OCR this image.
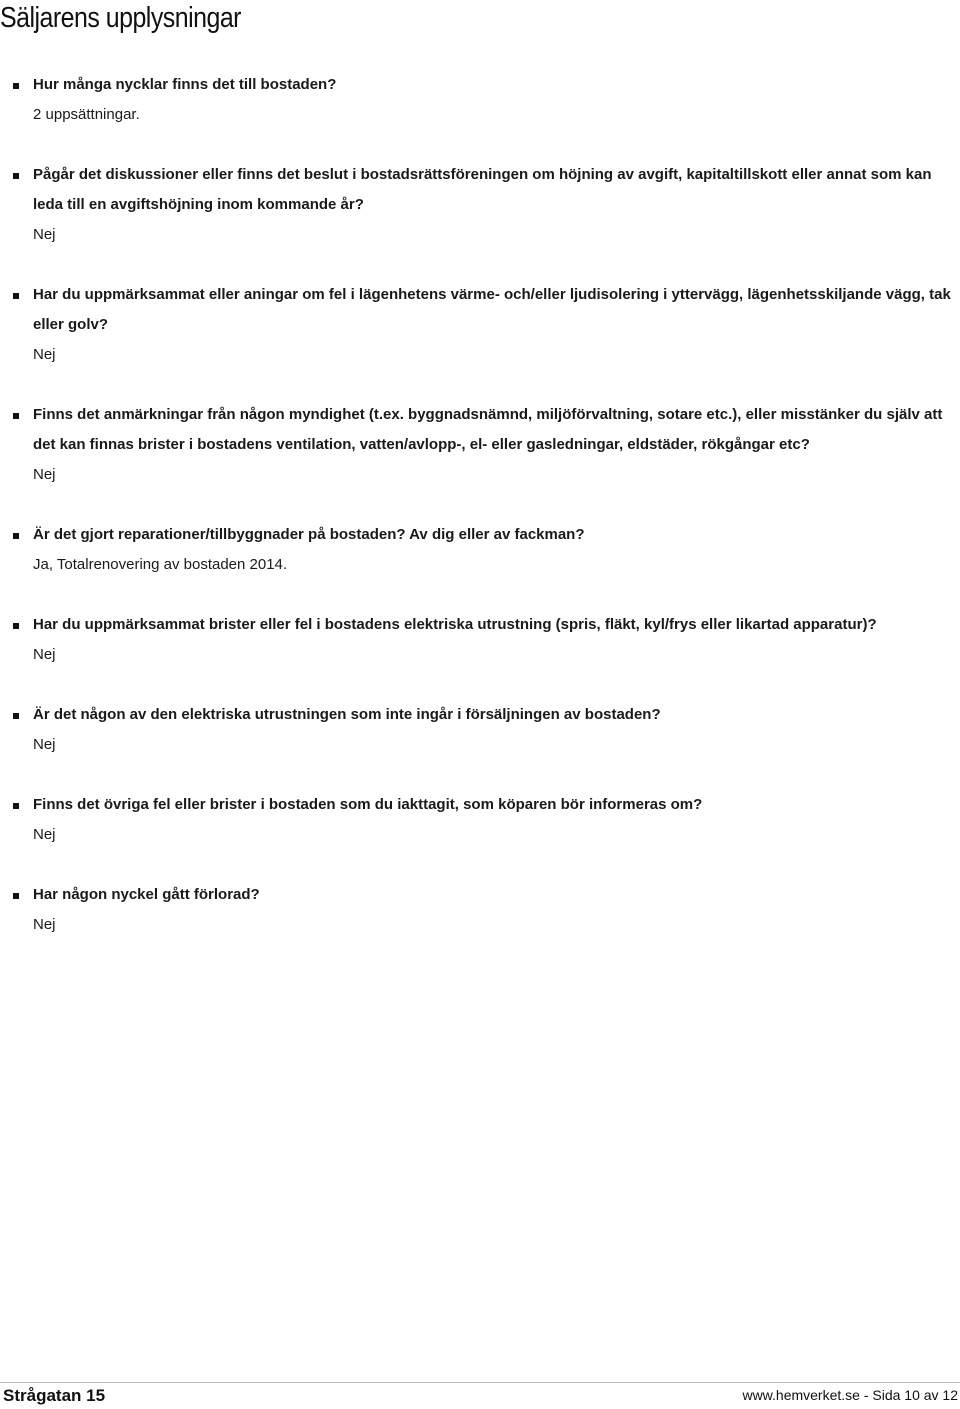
Säljarens upplysningar

Hur många nycklar finns det till bostaden?

2 uppsättningar.

Pågår det diskussioner eller finns det beslut i bostadsrättsföreningen om höjning av avgift, kapitaltillskott eller annat som kan leda till en avgiftshöjning inom kommande år?

Nej

Har du uppmärksammat eller aningar om fel i lägenhetens värme- och/eller ljudisolering i yttervägg, lägenhetsskiljande vägg, tak eller golv?

Nej

Finns det anmärkningar från någon myndighet (t.ex. byggnadsnämnd, miljöförvaltning, sotare etc.), eller misstänker du själv att det kan finnas brister i bostadens ventilation, vatten/avlopp-, el- eller gasledningar, eldstäder, rökgångar etc?

Nej

Är det gjort reparationer/tillbyggnader på bostaden? Av dig eller av fackman?

Ja, Totalrenovering av bostaden 2014.

Har du uppmärksammat brister eller fel i bostadens elektriska utrustning (spris, fläkt, kyl/frys eller likartad apparatur)?

Nej

Är det någon av den elektriska utrustningen som inte ingår i försäljningen av bostaden?

Nej

Finns det övriga fel eller brister i bostaden som du iakttagit, som köparen bör informeras om?

Nej

Har någon nyckel gått förlorad?

Nej

Strågatan 15	www.hemverket.se - Sida 10 av 12
